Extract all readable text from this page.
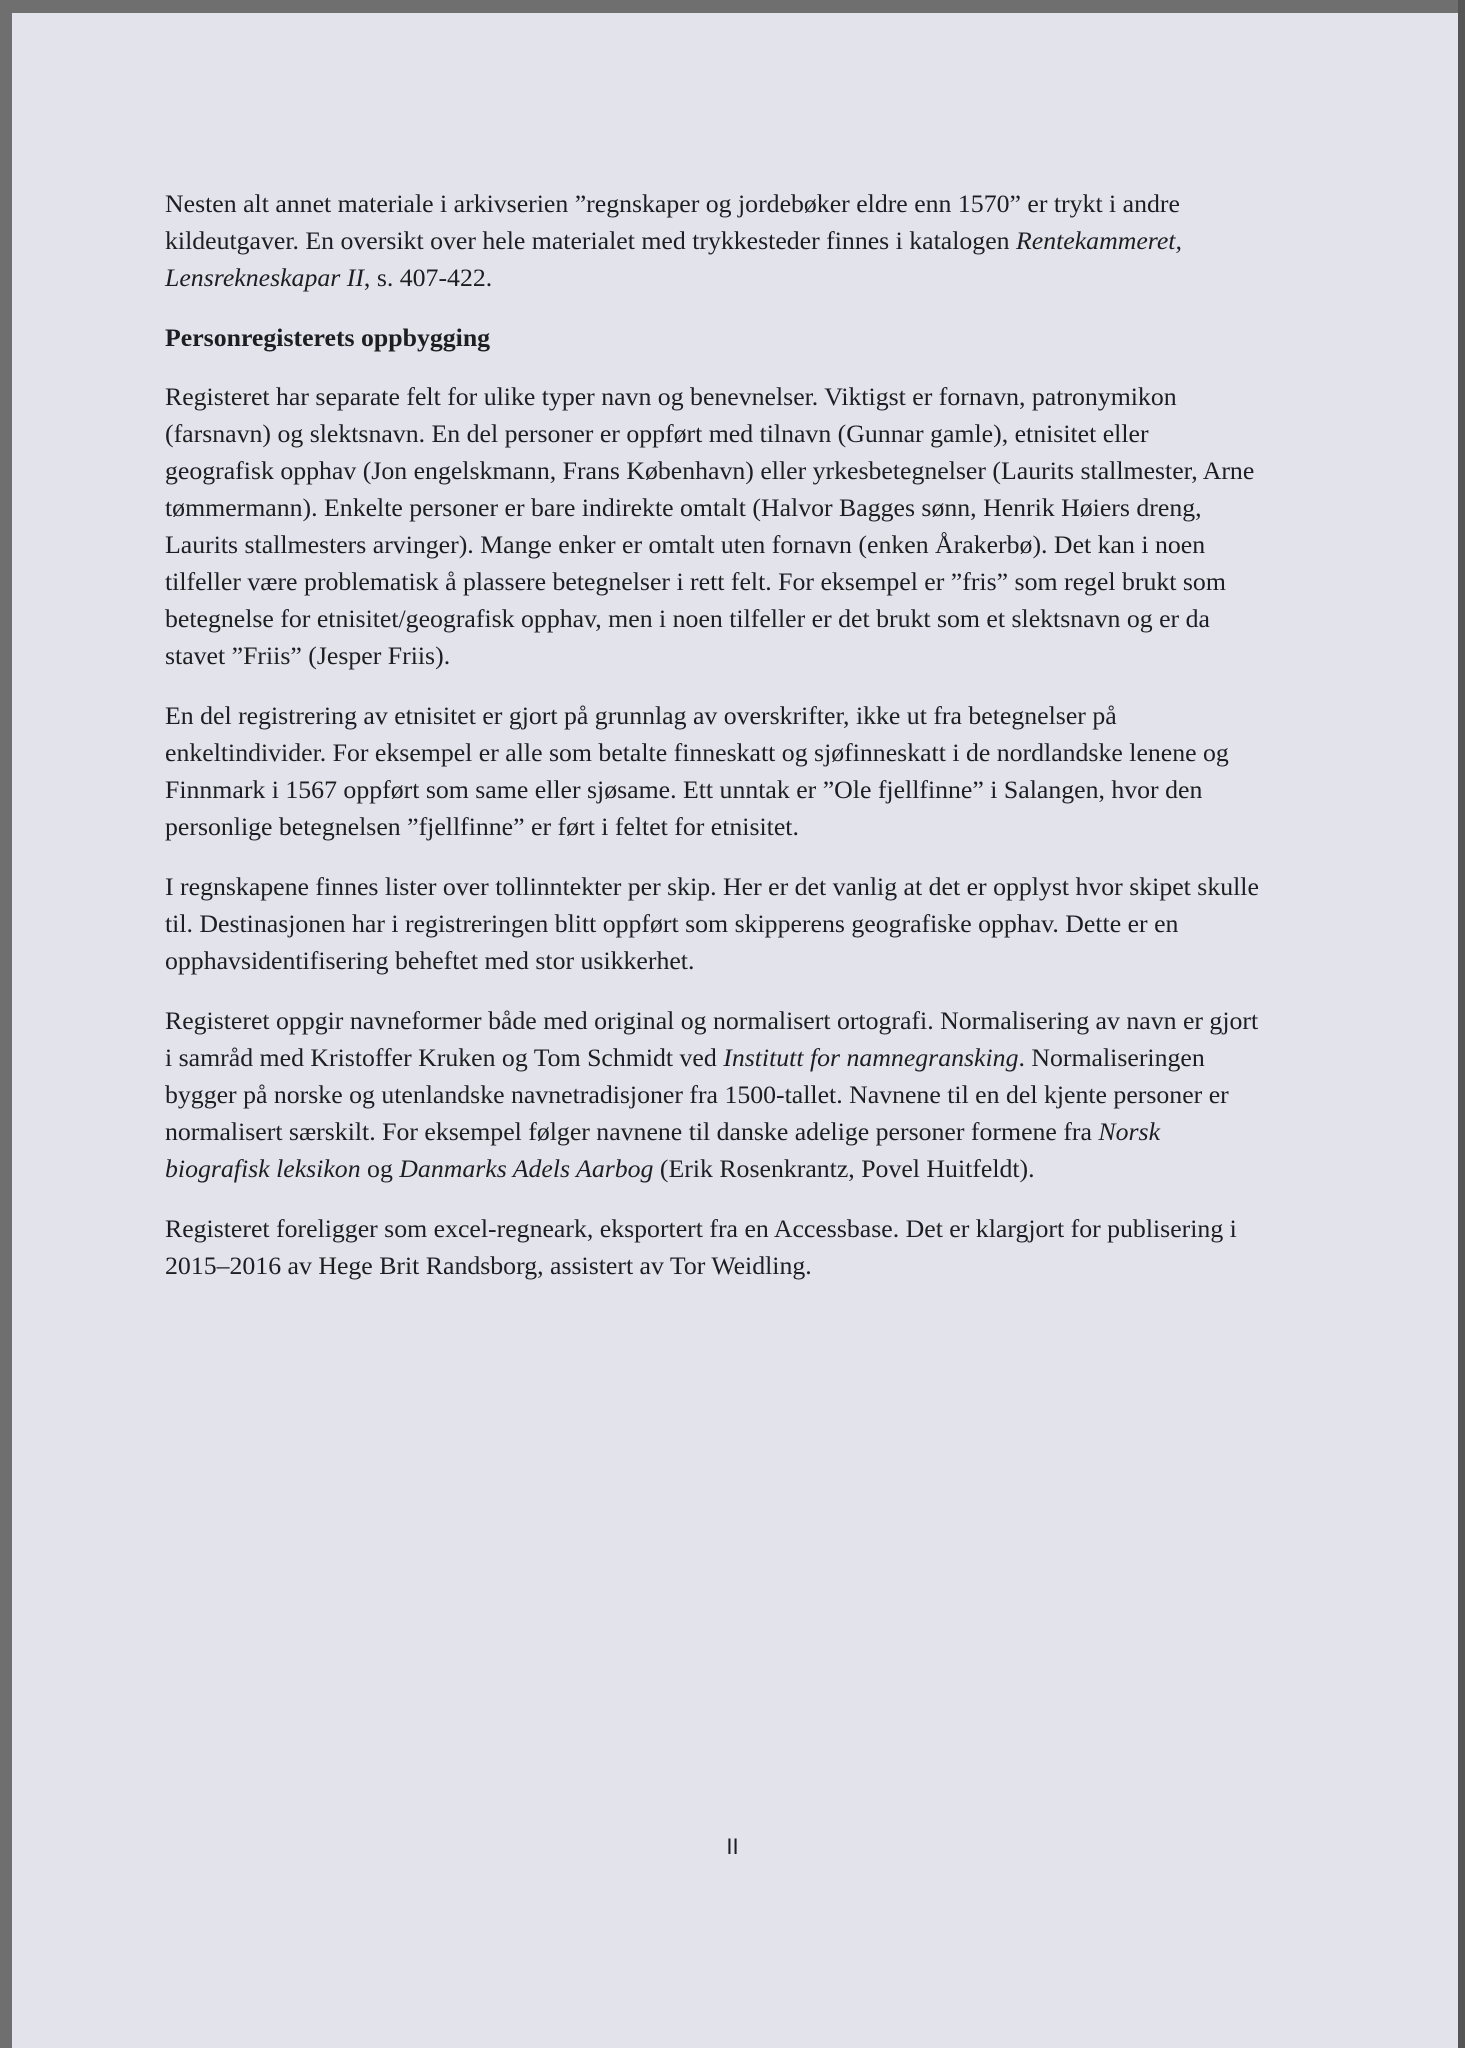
Nesten alt annet materiale i arkivserien ”regnskaper og jordebøker eldre enn 1570” er trykt i andre kildeutgaver. En oversikt over hele materialet med trykkesteder finnes i katalogen Rentekammeret, Lensrekneskapar II, s. 407-422.

Personregisterets oppbygging

Registeret har separate felt for ulike typer navn og benevnelser. Viktigst er fornavn, patronymikon (farsnavn) og slektsnavn. En del personer er oppført med tilnavn (Gunnar gamle), etnisitet eller geografisk opphav (Jon engelskmann, Frans København) eller yrkesbetegnelser (Laurits stallmester, Arne tømmermann). Enkelte personer er bare indirekte omtalt (Halvor Bagges sønn, Henrik Høiers dreng, Laurits stallmesters arvinger). Mange enker er omtalt uten fornavn (enken Årakerbø). Det kan i noen tilfeller være problematisk å plassere betegnelser i rett felt. For eksempel er ”fris” som regel brukt som betegnelse for etnisitet/geografisk opphav, men i noen tilfeller er det brukt som et slektsnavn og er da stavet ”Friis” (Jesper Friis).

En del registrering av etnisitet er gjort på grunnlag av overskrifter, ikke ut fra betegnelser på enkeltindivider. For eksempel er alle som betalte finneskatt og sjøfinneskatt i de nordlandske lenene og Finnmark i 1567 oppført som same eller sjøsame. Ett unntak er ”Ole fjellfinne” i Salangen, hvor den personlige betegnelsen ”fjellfinne” er ført i feltet for etnisitet.

I regnskapene finnes lister over tollinntekter per skip. Her er det vanlig at det er opplyst hvor skipet skulle til. Destinasjonen har i registreringen blitt oppført som skipperens geografiske opphav. Dette er en opphavsidentifisering beheftet med stor usikkerhet.

Registeret oppgir navneformer både med original og normalisert ortografi. Normalisering av navn er gjort i samråd med Kristoffer Kruken og Tom Schmidt ved Institutt for namnegransking. Normaliseringen bygger på norske og utenlandske navnetradisjoner fra 1500-tallet. Navnene til en del kjente personer er normalisert særskilt. For eksempel følger navnene til danske adelige personer formene fra Norsk biografisk leksikon og Danmarks Adels Aarbog (Erik Rosenkrantz, Povel Huitfeldt).

Registeret foreligger som excel-regneark, eksportert fra en Accessbase. Det er klargjort for publisering i 2015–2016 av Hege Brit Randsborg, assistert av Tor Weidling.

II
